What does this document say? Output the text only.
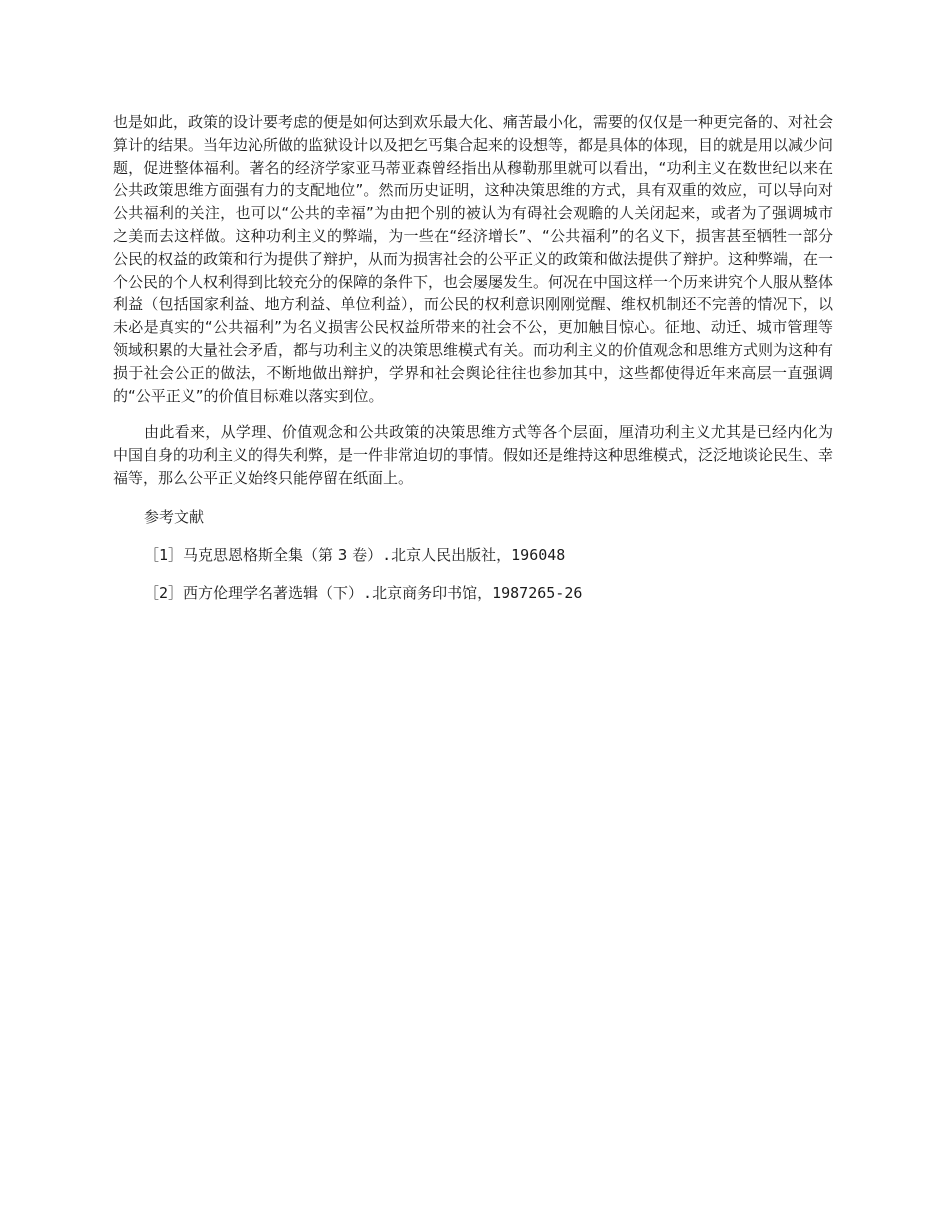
也是如此，政策的设计要考虑的便是如何达到欢乐最大化、痛苦最小化，需要的仅仅是一种更完备的、对社会算计的结果。当年边沁所做的监狱设计以及把乞丐集合起来的设想等，都是具体的体现，目的就是用以减少问题，促进整体福利。著名的经济学家亚马蒂亚森曾经指出从穆勒那里就可以看出，“功利主义在数世纪以来在公共政策思维方面强有力的支配地位”。然而历史证明，这种决策思维的方式，具有双重的效应，可以导向对公共福利的关注，也可以“公共的幸福”为由把个别的被认为有碍社会观瞻的人关闭起来，或者为了强调城市之美而去这样做。这种功利主义的弊端，为一些在“经济增长”、“公共福利”的名义下，损害甚至牺牲一部分公民的权益的政策和行为提供了辩护，从而为损害社会的公平正义的政策和做法提供了辩护。这种弊端，在一个公民的个人权利得到比较充分的保障的条件下，也会屡屡发生。何况在中国这样一个历来讲究个人服从整体利益（包括国家利益、地方利益、单位利益），而公民的权利意识刚刚觉醒、维权机制还不完善的情况下，以未必是真实的“公共福利”为名义损害公民权益所带来的社会不公，更加触目惊心。征地、动迁、城市管理等领域积累的大量社会矛盾，都与功利主义的决策思维模式有关。而功利主义的价值观念和思维方式则为这种有损于社会公正的做法，不断地做出辩护，学界和社会舆论往往也参加其中，这些都使得近年来高层一直强调的“公平正义”的价值目标难以落实到位。

由此看来，从学理、价值观念和公共政策的决策思维方式等各个层面，厘清功利主义尤其是已经内化为中国自身的功利主义的得失利弊，是一件非常迫切的事情。假如还是维持这种思维模式，泛泛地谈论民生、幸福等，那么公平正义始终只能停留在纸面上。

参考文献
［1］马克思恩格斯全集（第 3 卷）.北京人民出版社，196048
［2］西方伦理学名著选辑（下）.北京商务印书馆，1987265-26
